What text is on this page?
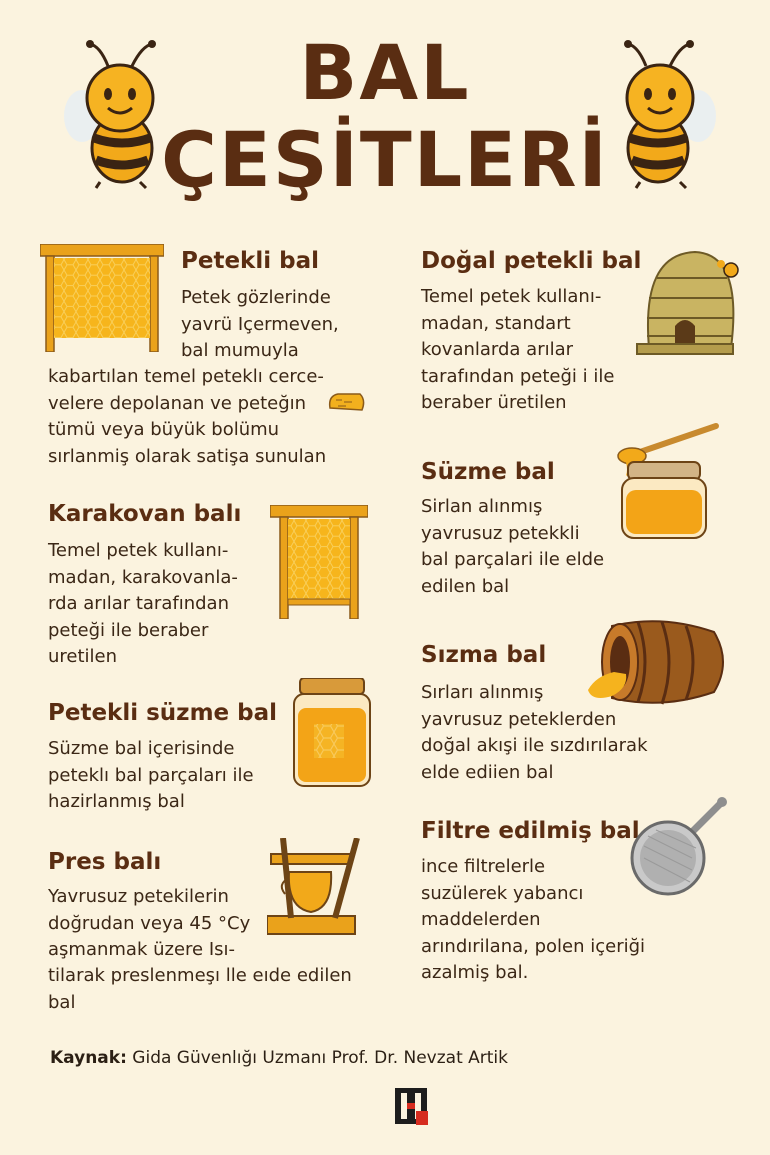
BAL
ÇEŞİTLERİ
Petekli bal
Petek gözlerinde
yavrü Içermeven,
bal mumuyla
kabartılan temel peteklı cerce-
velere depolanan ve peteğın
tümü veya büyük bolümu
sırlanmiş olarak satişa sunulan
Karakovan balı
Temel petek kullanı-
madan, karakovanla-
rda arılar tarafından
peteği ile beraber
uretilen
Petekli süzme bal
Süzme bal içerisinde
peteklı bal parçaları ile
hazirlanmış bal
Pres balı
Yavrusuz petekilerin
doğrudan veya 45 °Cy
aşmanmak üzere Isı-
tilarak preslenmeşı lle eıde edilen
bal
Doğal petekli bal
Temel petek kullanı-
madan, standart
kovanlarda arılar
tarafından peteği i ile
beraber üretilen
Süzme bal
Sirlan alınmış
yavrusuz petekkli
bal parçalari ile elde
edilen bal
Sızma bal
Sırları alınmış
yavrusuz peteklerden
doğal akışi ile sızdırılarak
elde ediien bal
Filtre edilmiş bal
ince filtrelerle
suzülerek yabancı
maddelerden
arındırilana, polen içeriği
azalmiş bal.
Kaynak: Gida Güvenlığı Uzmanı Prof. Dr. Nevzat Artik
